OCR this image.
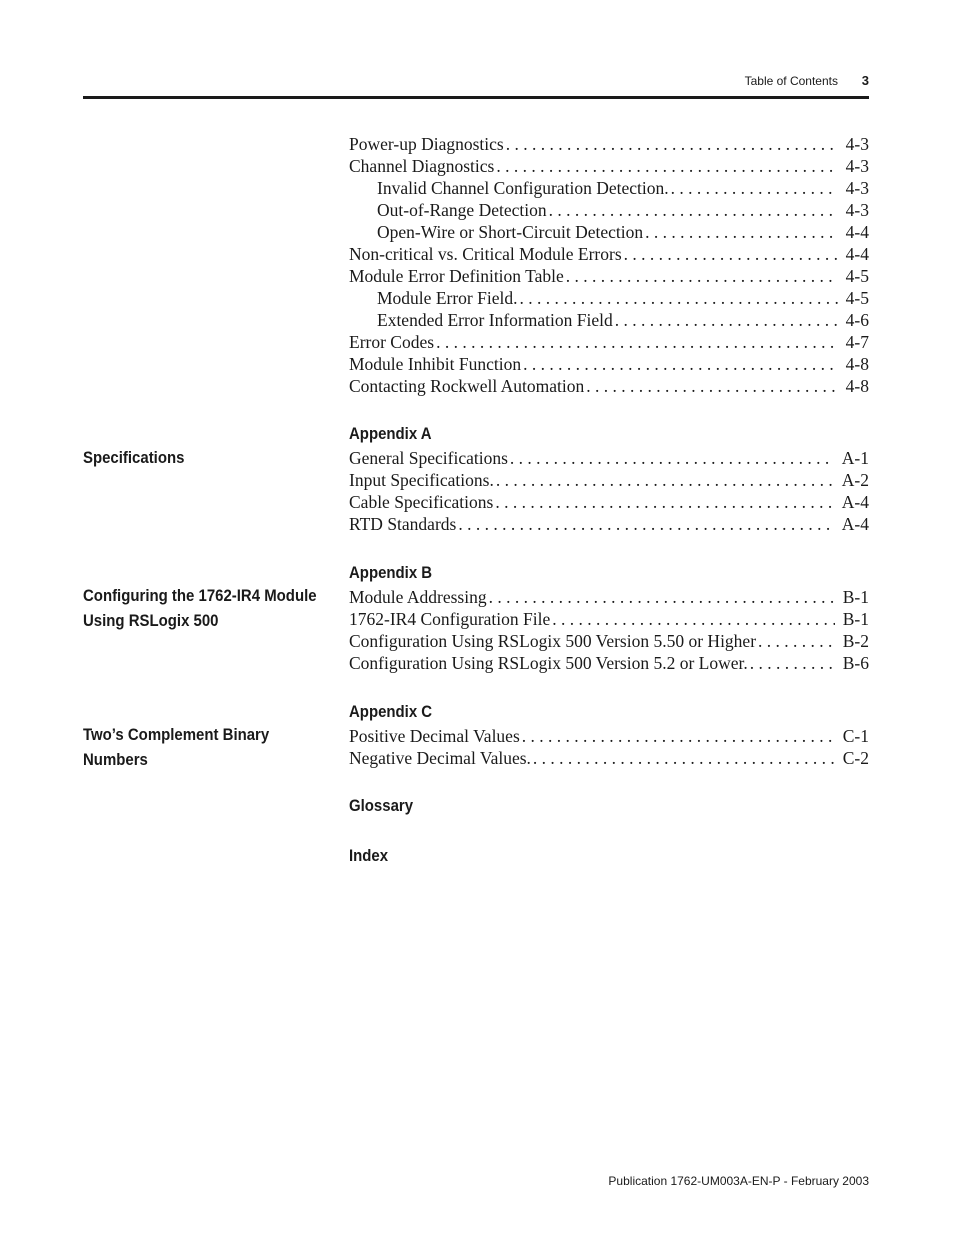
Table of Contents 3
Specifications
Configuring the 1762-IR4 Module
Using RSLogix 500
Two’s Complement Binary
Numbers
Power-up Diagnostics . . .	4-3
Channel Diagnostics . . .	4-3
Invalid Channel Configuration Detection. . . .	4-3
Out-of-Range Detection . . .	4-3
Open-Wire or Short-Circuit Detection . . .	4-4
Non-critical vs. Critical Module Errors . . .	4-4
Module Error Definition Table . . .	4-5
Module Error Field. . . .	4-5
Extended Error Information Field . . .	4-6
Error Codes . . .	4-7
Module Inhibit Function . . .	4-8
Contacting Rockwell Automation . . .	4-8
Appendix A
General Specifications . . .	A-1
Input Specifications. . . .	A-2
Cable Specifications . . .	A-4
RTD Standards . . .	A-4
Appendix B
Module Addressing . . .	B-1
1762-IR4 Configuration File . . .	B-1
Configuration Using RSLogix 500 Version 5.50 or Higher . . .	B-2
Configuration Using RSLogix 500 Version 5.2 or Lower. . . .	B-6
Appendix C
Positive Decimal Values . . .	C-1
Negative Decimal Values. . . .	C-2
Glossary
Index
Publication 1762-UM003A-EN-P - February 2003
